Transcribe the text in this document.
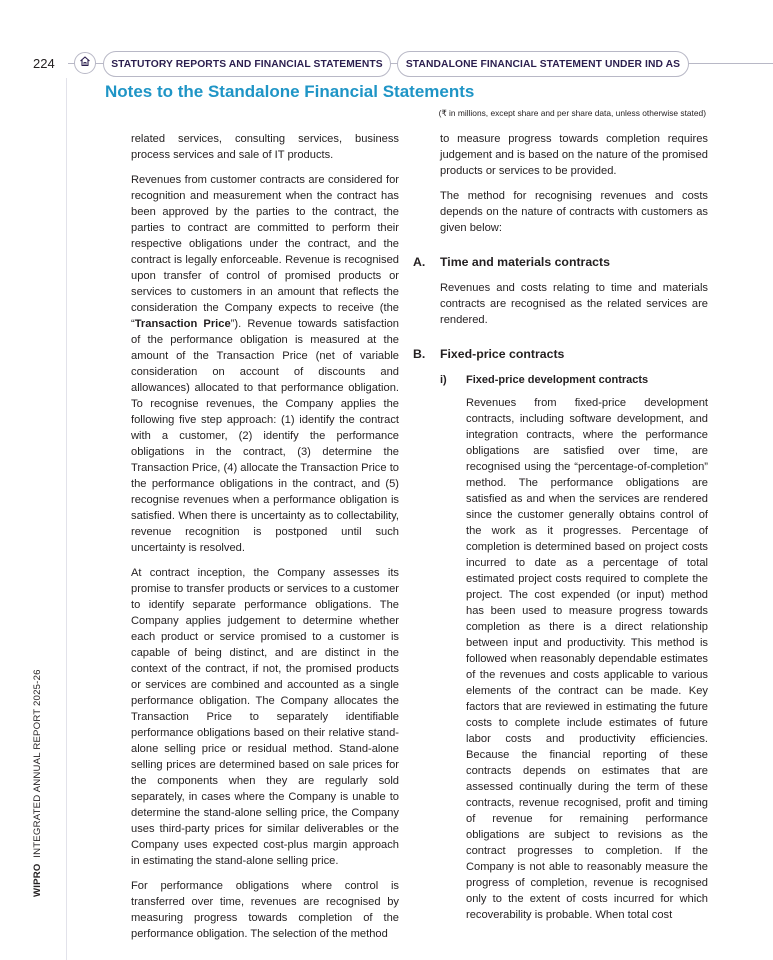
224	STATUTORY REPORTS AND FINANCIAL STATEMENTS	STANDALONE FINANCIAL STATEMENT UNDER IND AS
Notes to the Standalone Financial Statements
(₹ in millions, except share and per share data, unless otherwise stated)
WIPRO  INTEGRATED ANNUAL REPORT 2025-26

related services, consulting services, business process services and sale of IT products.

Revenues from customer contracts are considered for recognition and measurement when the contract has been approved by the parties to the contract, the parties to contract are committed to perform their respective obligations under the contract, and the contract is legally enforceable. Revenue is recognised upon transfer of control of promised products or services to customers in an amount that reflects the consideration the Company expects to receive (the “Transaction Price”). Revenue towards satisfaction of the performance obligation is measured at the amount of the Transaction Price (net of variable consideration on account of discounts and allowances) allocated to that performance obligation. To recognise revenues, the Company applies the following five step approach: (1) identify the contract with a customer, (2) identify the performance obligations in the contract, (3) determine the Transaction Price, (4) allocate the Transaction Price to the performance obligations in the contract, and (5) recognise revenues when a performance obligation is satisfied. When there is uncertainty as to collectability, revenue recognition is postponed until such uncertainty is resolved.

At contract inception, the Company assesses its promise to transfer products or services to a customer to identify separate performance obligations. The Company applies judgement to determine whether each product or service promised to a customer is capable of being distinct, and are distinct in the context of the contract, if not, the promised products or services are combined and accounted as a single performance obligation. The Company allocates the Transaction Price to separately identifiable performance obligations based on their relative stand-alone selling price or residual method. Stand-alone selling prices are determined based on sale prices for the components when they are regularly sold separately, in cases where the Company is unable to determine the stand-alone selling price, the Company uses third-party prices for similar deliverables or the Company uses expected cost-plus margin approach in estimating the stand-alone selling price.

For performance obligations where control is transferred over time, revenues are recognised by measuring progress towards completion of the performance obligation. The selection of the method

to measure progress towards completion requires judgement and is based on the nature of the promised products or services to be provided.

The method for recognising revenues and costs depends on the nature of contracts with customers as given below:

A.	Time and materials contracts

Revenues and costs relating to time and materials contracts are recognised as the related services are rendered.

B.	Fixed-price contracts
i)	Fixed-price development contracts

Revenues from fixed-price development contracts, including software development, and integration contracts, where the performance obligations are satisfied over time, are recognised using the “percentage-of-completion” method. The performance obligations are satisfied as and when the services are rendered since the customer generally obtains control of the work as it progresses. Percentage of completion is determined based on project costs incurred to date as a percentage of total estimated project costs required to complete the project. The cost expended (or input) method has been used to measure progress towards completion as there is a direct relationship between input and productivity. This method is followed when reasonably dependable estimates of the revenues and costs applicable to various elements of the contract can be made. Key factors that are reviewed in estimating the future costs to complete include estimates of future labor costs and productivity efficiencies. Because the financial reporting of these contracts depends on estimates that are assessed continually during the term of these contracts, revenue recognised, profit and timing of revenue for remaining performance obligations are subject to revisions as the contract progresses to completion. If the Company is not able to reasonably measure the progress of completion, revenue is recognised only to the extent of costs incurred for which recoverability is probable. When total cost
